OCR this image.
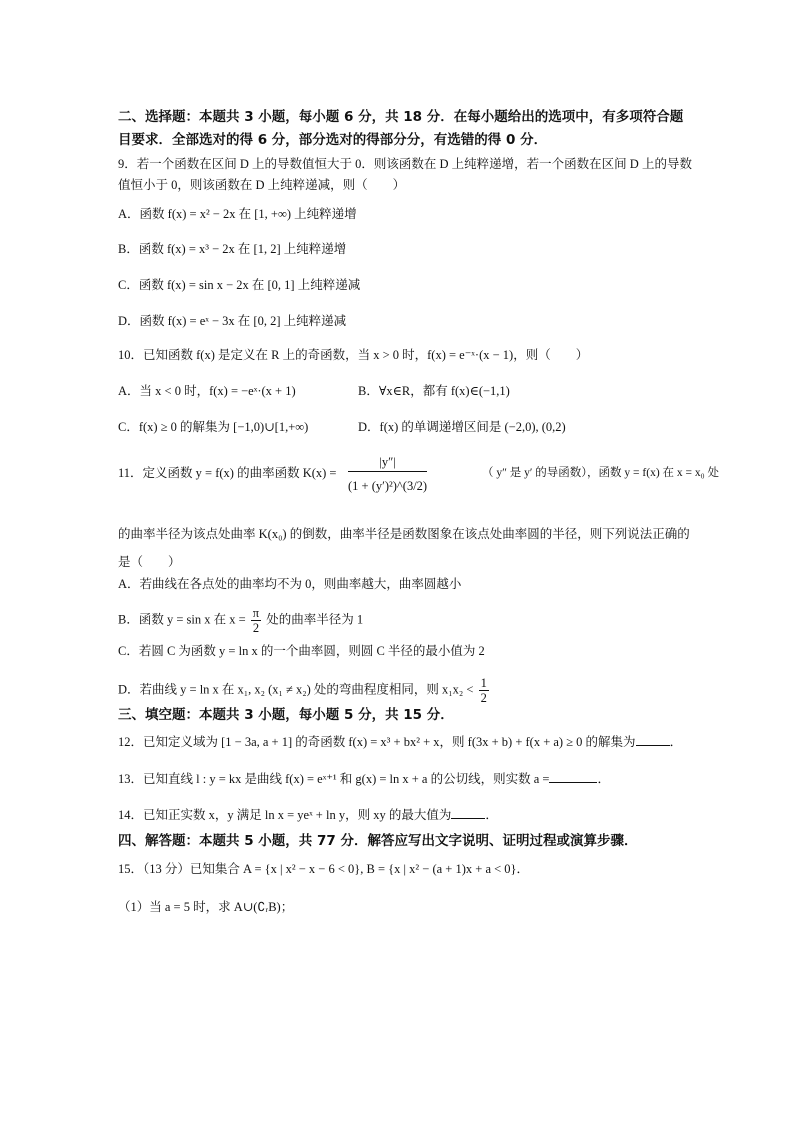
二、选择题：本题共 3 小题，每小题 6 分，共 18 分．在每小题给出的选项中，有多项符合题
目要求．全部选对的得 6 分，部分选对的得部分分，有选错的得 0 分．
9．若一个函数在区间 D 上的导数值恒大于 0．则该函数在 D 上纯粹递增，若一个函数在区间 D 上的导数
值恒小于 0，则该函数在 D 上纯粹递减，则（　　）
A．函数 f(x) = x² − 2x 在 [1, +∞) 上纯粹递增
B．函数 f(x) = x³ − 2x 在 [1, 2] 上纯粹递增
C．函数 f(x) = sin x − 2x 在 [0, 1] 上纯粹递减
D．函数 f(x) = eˣ − 3x 在 [0, 2] 上纯粹递减
10．已知函数 f(x) 是定义在 R 上的奇函数，当 x > 0 时，f(x) = e⁻ˣ·(x − 1)，则（　　）
A．当 x < 0 时，f(x) = −eˣ·(x + 1)	B．∀x∈R，都有 f(x)∈(−1,1)
C．f(x) ≥ 0 的解集为 [−1,0)∪[1,+∞)	D．f(x) 的单调递增区间是 (−2,0), (0,2)
11．定义函数 y = f(x) 的曲率函数 $K(x) = \frac{|y''|}{\text{(1 + (y′)²)\textasciicircum{}(3/2)}}$	（ y″ 是 y′ 的导函数），函数 y = f(x) 在 x = x₀ 处
的曲率半径为该点处曲率 K(x₀) 的倒数，曲率半径是函数图象在该点处曲率圆的半径，则下列说法正确的
是（　　）
A．若曲线在各点处的曲率均不为 0，则曲率越大，曲率圆越小
B．函数 y = sin x 在 $x = \frac{\pi}{2}$ 处的曲率半径为 1
C．若圆 C 为函数 y = ln x 的一个曲率圆，则圆 C 半径的最小值为 2
D．若曲线 y = ln x 在 x₁, x₂ (x₁ ≠ x₂) 处的弯曲程度相同，则 $x_1x_2 < \frac{1}{2}$
三、填空题：本题共 3 小题，每小题 5 分，共 15 分．
12．已知定义域为 [1 − 3a, a + 1] 的奇函数 f(x) = x³ + bx² + x，则 f(3x + b) + f(x + a) ≥ 0 的解集为	．
13．已知直线 l : y = kx 是曲线 f(x) = eˣ⁺¹ 和 g(x) = ln x + a 的公切线，则实数 a =	．
14．已知正实数 x，y 满足 ln x = yeˣ + ln y，则 xy 的最大值为	．
四、解答题：本题共 5 小题，共 77 分．解答应写出文字说明、证明过程或演算步骤．
15．（13 分）已知集合 A = {x | x² − x − 6 < 0}, B = {x | x² − (a + 1)x + a < 0}．
（1）当 a = 5 时，求 A∪(∁ᵣB)；
